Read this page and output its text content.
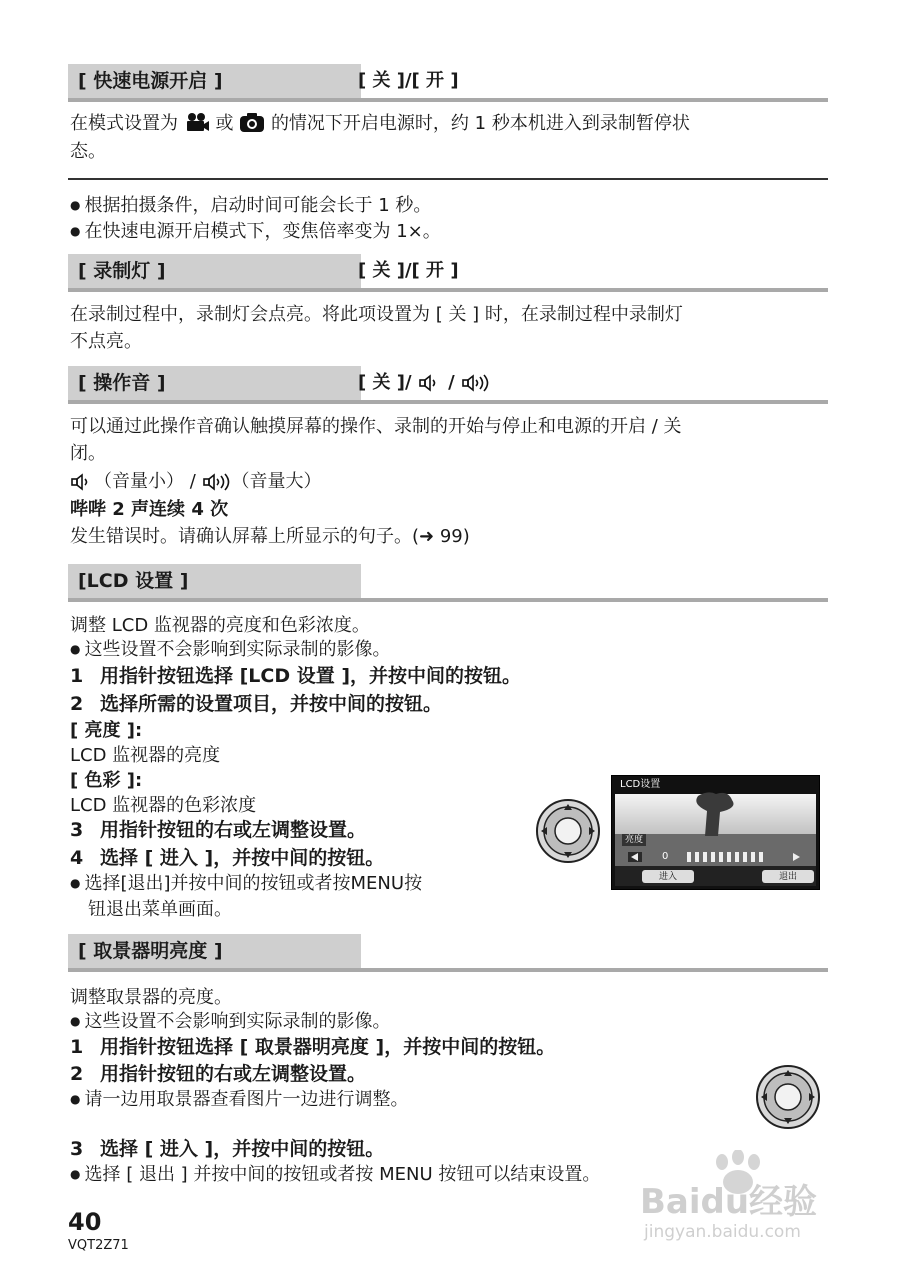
[ 快速电源开启 ]	[ 关 ]/[ 开 ]
在模式设置为 或 的情况下开启电源时，约 1 秒本机进入到录制暂停状
态。
● 根据拍摄条件，启动时间可能会长于 1 秒。
● 在快速电源开启模式下，变焦倍率变为 1×。
[ 录制灯 ]	[ 关 ]/[ 开 ]
在录制过程中，录制灯会点亮。将此项设置为 [ 关 ] 时，在录制过程中录制灯
不点亮。
[ 操作音 ]	[ 关 ]/ /
可以通过此操作音确认触摸屏幕的操作、录制的开始与停止和电源的开启 / 关
闭。
（音量小） / （音量大）
哔哔 2 声连续 4 次
发生错误时。请确认屏幕上所显示的句子。(➜ 99)
[LCD 设置 ]
调整 LCD 监视器的亮度和色彩浓度。
● 这些设置不会影响到实际录制的影像。
1 用指针按钮选择 [LCD 设置 ]，并按中间的按钮。
2 选择所需的设置项目，并按中间的按钮。
[ 亮度 ]:
LCD 监视器的亮度
[ 色彩 ]:
LCD 监视器的色彩浓度
3 用指针按钮的右或左调整设置。
4 选择 [ 进入 ]，并按中间的按钮。
● 选择[退出]并按中间的按钮或者按MENU按
钮退出菜单画面。
LCD设置
亮度
0
进入	退出
[ 取景器明亮度 ]
调整取景器的亮度。
● 这些设置不会影响到实际录制的影像。
1 用指针按钮选择 [ 取景器明亮度 ]，并按中间的按钮。
2 用指针按钮的右或左调整设置。
● 请一边用取景器查看图片一边进行调整。
3 选择 [ 进入 ]，并按中间的按钮。
● 选择 [ 退出 ] 并按中间的按钮或者按 MENU 按钮可以结束设置。
Baidu经验
jingyan.baidu.com
40
VQT2Z71
